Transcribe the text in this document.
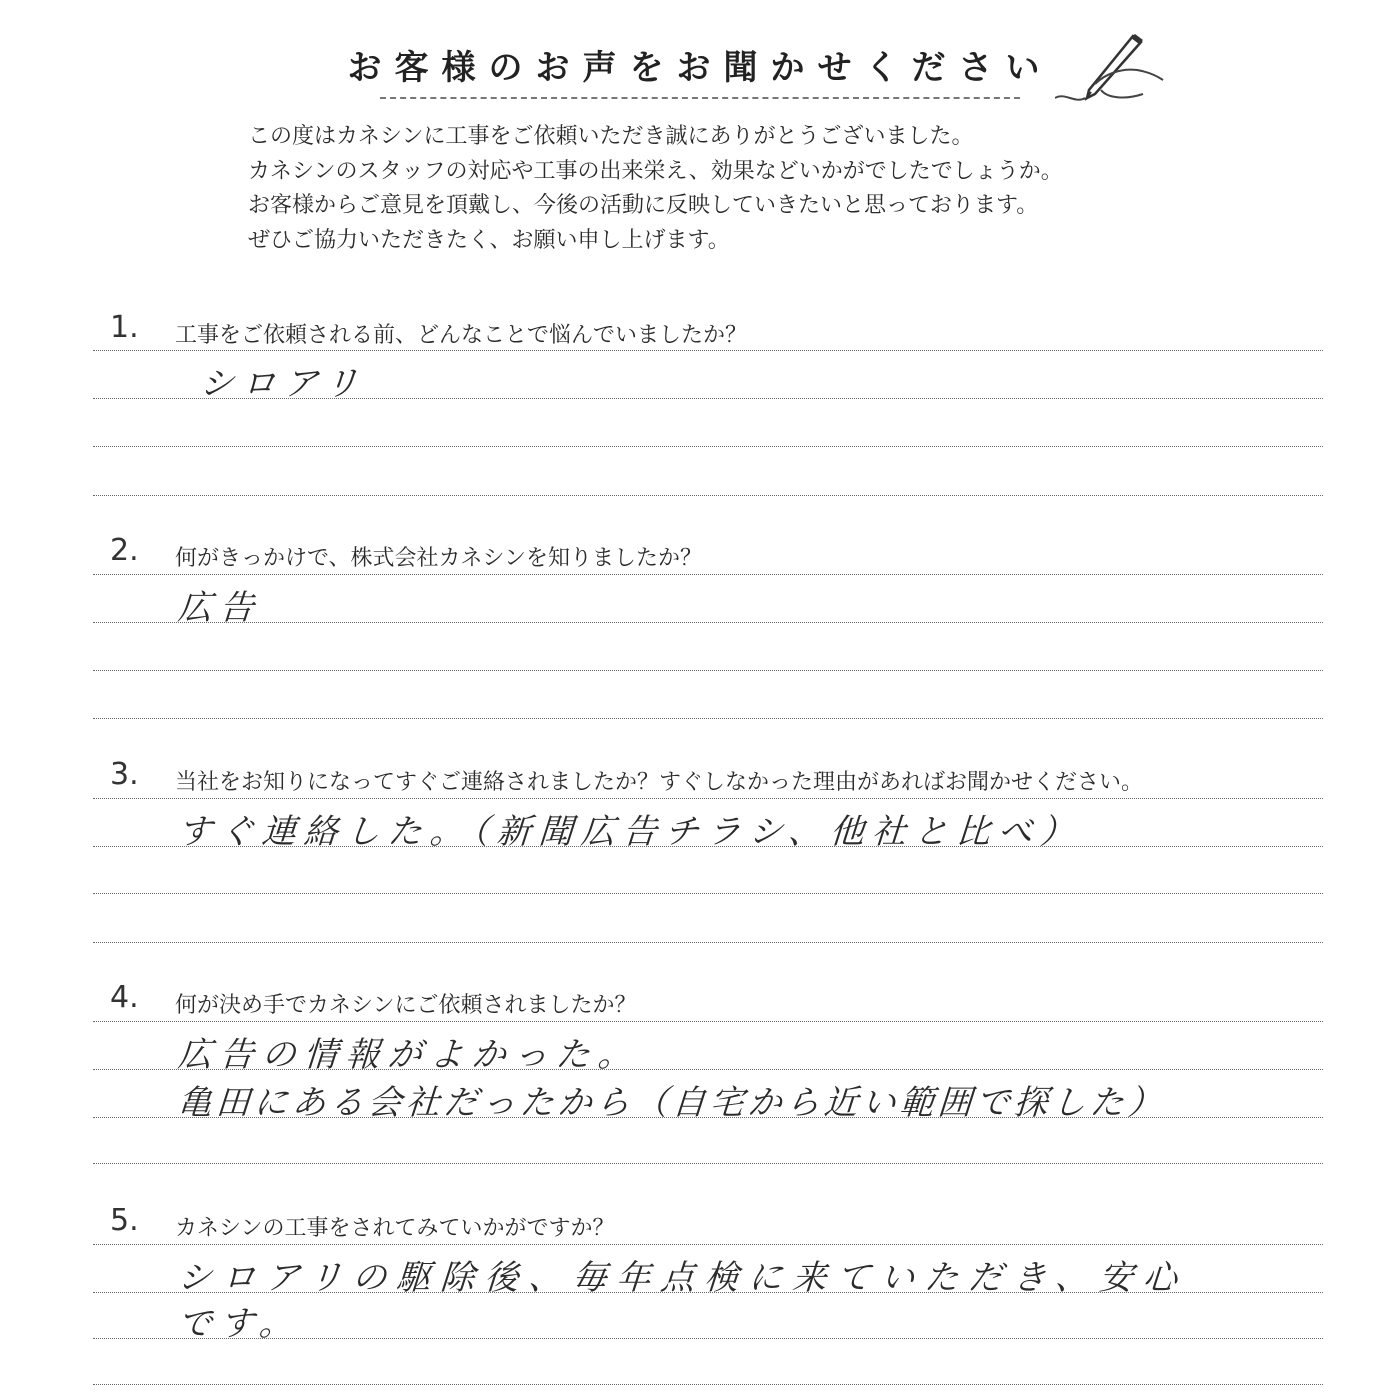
お客様のお声をお聞かせください

この度はカネシンに工事をご依頼いただき誠にありがとうございました。

カネシンのスタッフの対応や工事の出来栄え、効果などいかがでしたでしょうか。

お客様からご意見を頂戴し、今後の活動に反映していきたいと思っております。

ぜひご協力いただきたく、お願い申し上げます。

1. 工事をご依頼される前、どんなことで悩んでいましたか？
シロアリ
2. 何がきっかけで、株式会社カネシンを知りましたか？
広告
3. 当社をお知りになってすぐご連絡されましたか？すぐしなかった理由があればお聞かせください。
すぐ連絡した。（新聞広告チラシ、他社と比べ）
4. 何が決め手でカネシンにご依頼されましたか？
広告の情報がよかった。
亀田にある会社だったから（自宅から近い範囲で探した）
5. カネシンの工事をされてみていかがですか？
シロアリの駆除後、毎年点検に来ていただき、安心
です。
